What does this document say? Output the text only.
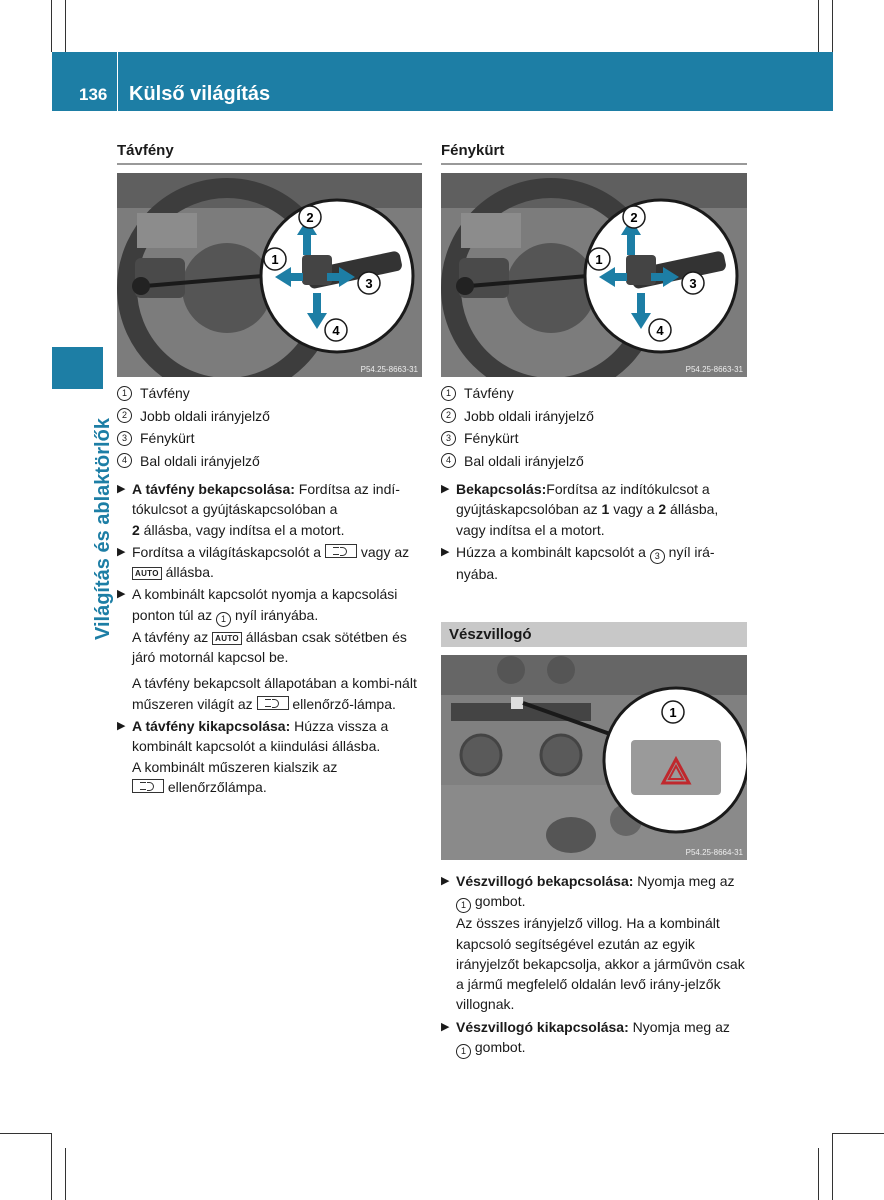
136 Külső világítás
Világítás és ablaktörlők
Távfény
2
1
3
4
P54.25-8663-31
1 Távfény
2 Jobb oldali irányjelző
3 Fénykürt
4 Bal oldali irányjelző
▶ A távfény bekapcsolása: Fordítsa az indí-tókulcsot a gyújtáskapcsolóban a
2 állásba, vagy indítsa el a motort.

▶ Fordítsa a világításkapcsolót a  vagy az AUTO állásba.

▶ A kombinált kapcsolót nyomja a kapcsolási ponton túl az 1 nyíl irányába.
A távfény az AUTO állásban csak sötétben és járó motornál kapcsol be.

A távfény bekapcsolt állapotában a kombi-nált műszeren világít az  ellenőrző-lámpa.

▶ A távfény kikapcsolása: Húzza vissza a kombinált kapcsolót a kiindulási állásba.
A kombinált műszeren kialszik az
ellenőrzőlámpa.

Fénykürt
2
1
3
4
P54.25-8663-31
1 Távfény
2 Jobb oldali irányjelző
3 Fénykürt
4 Bal oldali irányjelző
▶ Bekapcsolás:Fordítsa az indítókulcsot a gyújtáskapcsolóban az 1 vagy a 2 állásba, vagy indítsa el a motort.

▶ Húzza a kombinált kapcsolót a 3 nyíl irá-nyába.

Vészvillogó
1
P54.25-8664-31
▶ Vészvillogó bekapcsolása: Nyomja meg az 1 gombot.
Az összes irányjelző villog. Ha a kombinált kapcsoló segítségével ezután az egyik irányjelzőt bekapcsolja, akkor a járművön csak a jármű megfelelő oldalán levő irány-jelzők villognak.

▶ Vészvillogó kikapcsolása: Nyomja meg az 1 gombot.
